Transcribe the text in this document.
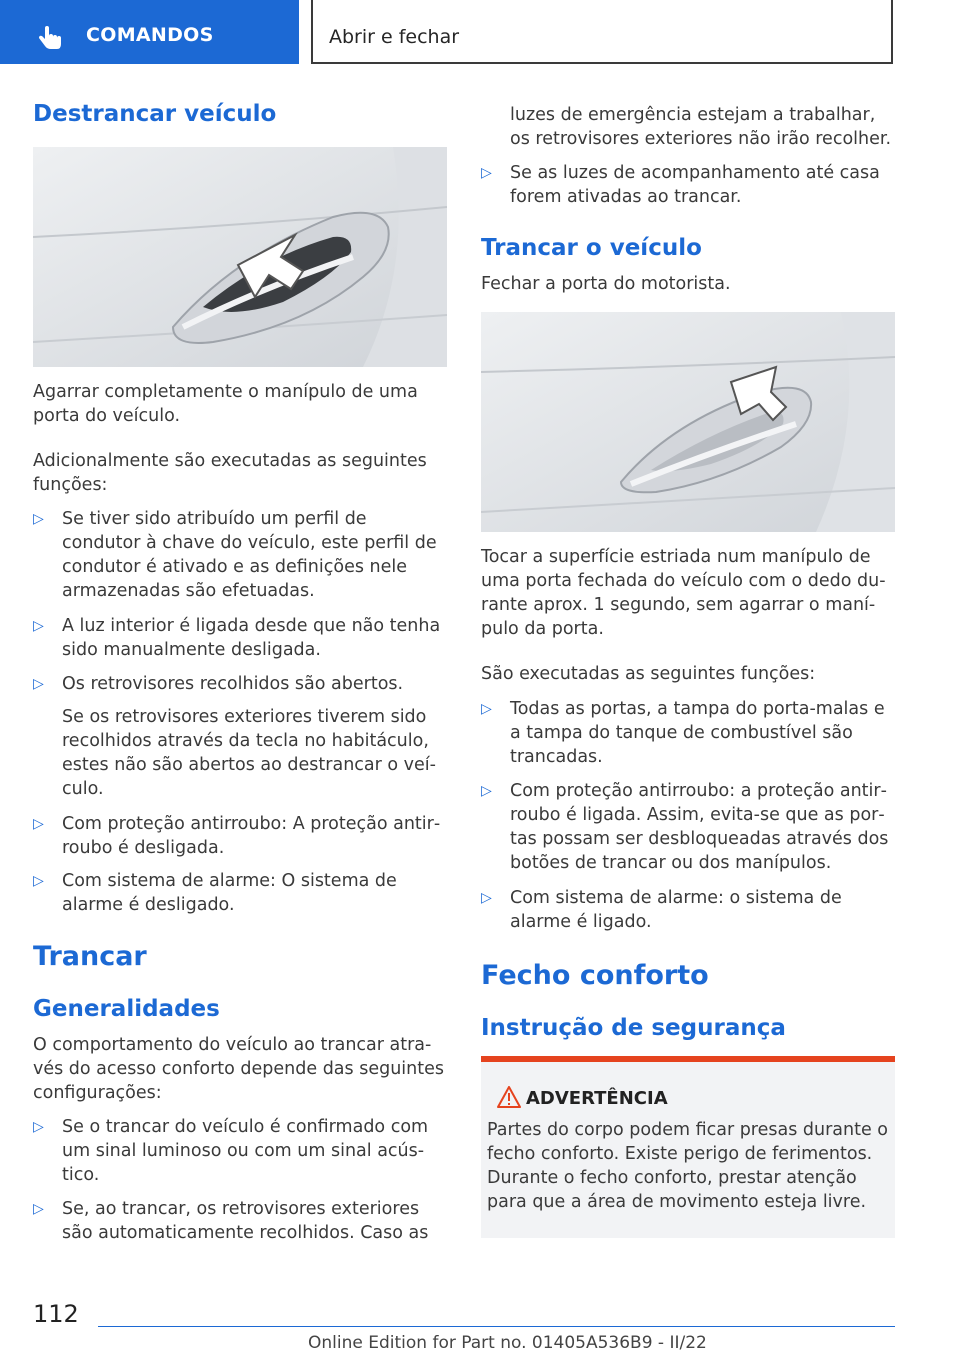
COMANDOS	Abrir e fechar
Destrancar veículo

Agarrar completamente o manípulo de uma porta do veículo.

Adicionalmente são executadas as seguintes funções:

▷ Se tiver sido atribuído um perfil de condutor à chave do veículo, este perfil de condutor é ativado e as definições nele armazenadas são efetuadas.
▷ A luz interior é ligada desde que não tenha sido manualmente desligada.
▷ Os retrovisores recolhidos são abertos.

Se os retrovisores exteriores tiverem sido recolhidos através da tecla no habitáculo, estes não são abertos ao destrancar o veículo.

▷ Com proteção antirroubo: A proteção antirroubo é desligada.
▷ Com sistema de alarme: O sistema de alarme é desligado.
Trancar
Generalidades

O comportamento do veículo ao trancar através do acesso conforto depende das seguintes configurações:

▷ Se o trancar do veículo é confirmado com um sinal luminoso ou com um sinal acústico.
▷ Se, ao trancar, os retrovisores exteriores são automaticamente recolhidos. Caso as

luzes de emergência estejam a trabalhar, os retrovisores exteriores não irão recolher.

▷ Se as luzes de acompanhamento até casa forem ativadas ao trancar.
Trancar o veículo

Fechar a porta do motorista.

Tocar a superfície estriada num manípulo de uma porta fechada do veículo com o dedo durante aprox. 1 segundo, sem agarrar o manípulo da porta.

São executadas as seguintes funções:

▷ Todas as portas, a tampa do porta-malas e a tampa do tanque de combustível são trancadas.
▷ Com proteção antirroubo: a proteção antirroubo é ligada. Assim, evita-se que as portas possam ser desbloqueadas através dos botões de trancar ou dos manípulos.
▷ Com sistema de alarme: o sistema de alarme é ligado.
Fecho conforto
Instrução de segurança
ADVERTÊNCIA
Partes do corpo podem ficar presas durante o fecho conforto. Existe perigo de ferimentos. Durante o fecho conforto, prestar atenção para que a área de movimento esteja livre.
112
Online Edition for Part no. 01405A536B9 - II/22
